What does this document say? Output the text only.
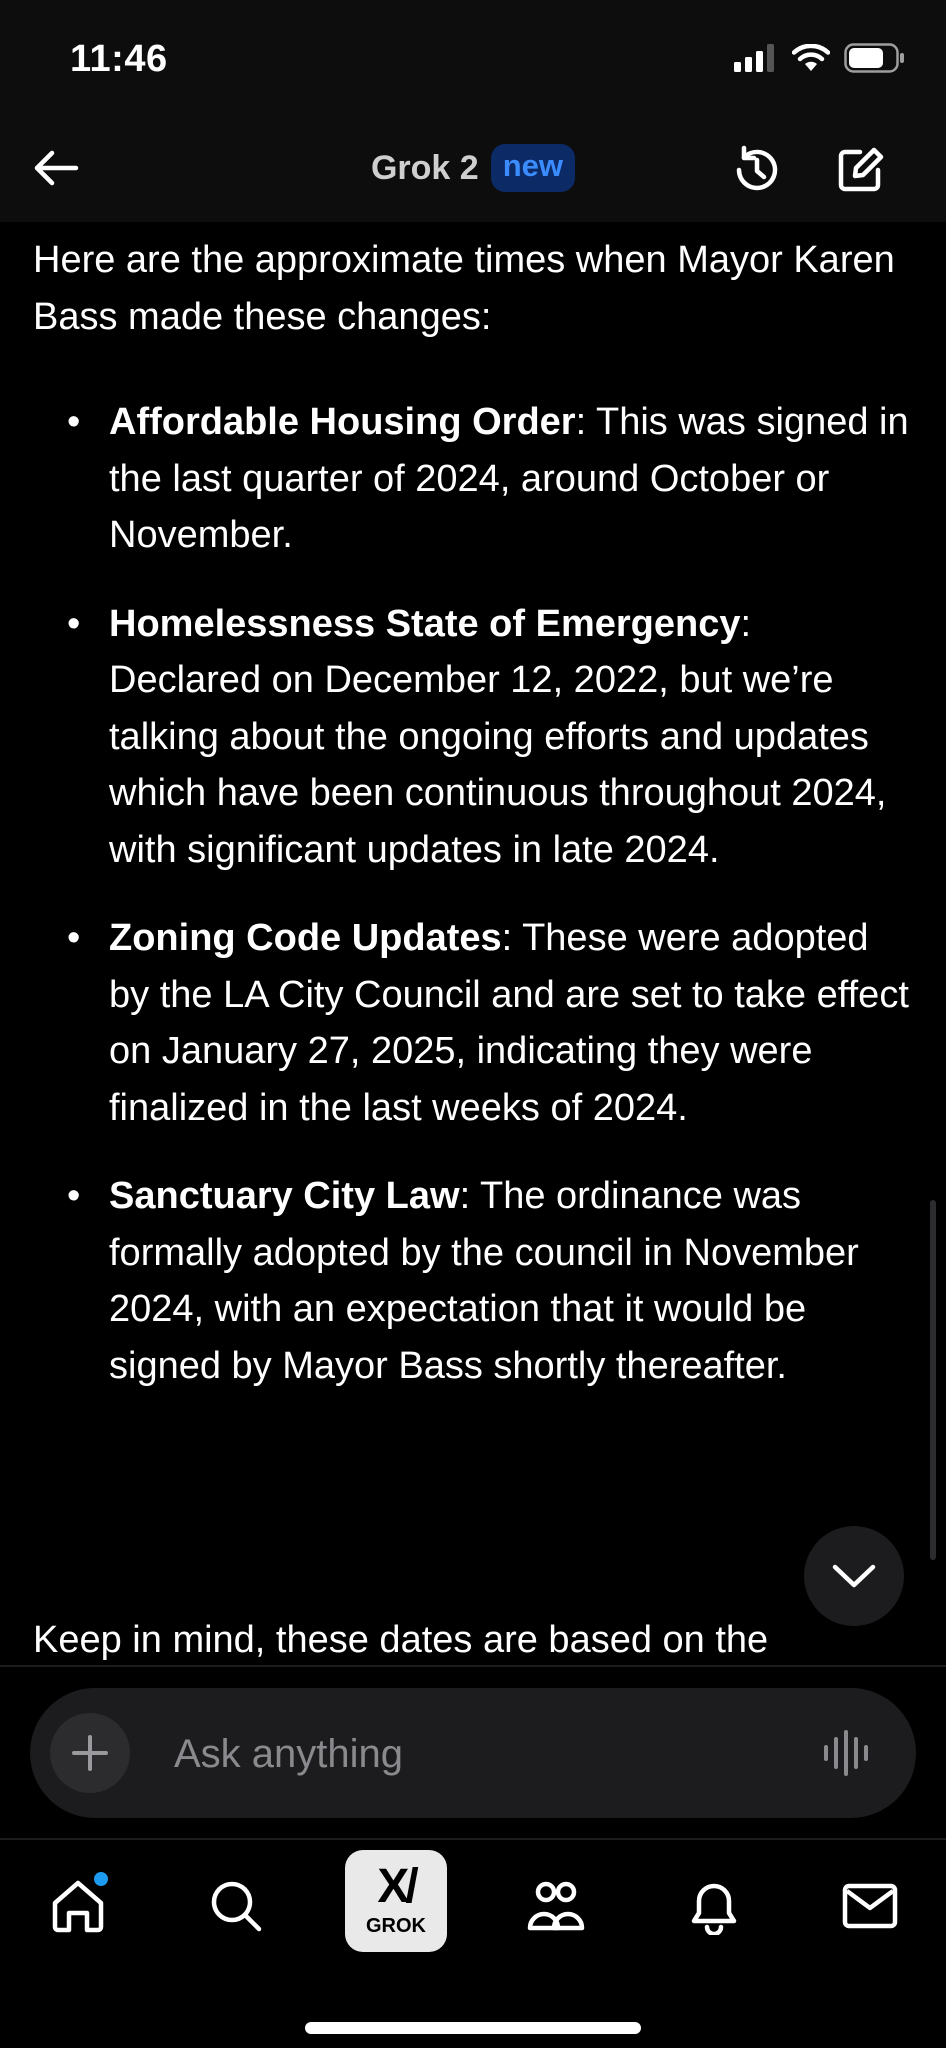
11:46
Grok 2 new

Here are the approximate times when Mayor Karen Bass made these changes:

• Affordable Housing Order: This was signed in the last quarter of 2024, around October or November.
• Homelessness State of Emergency: Declared on December 12, 2022, but we’re talking about the ongoing efforts and updates which have been continuous throughout 2024, with significant updates in late 2024.
• Zoning Code Updates: These were adopted by the LA City Council and are set to take effect on January 27, 2025, indicating they were finalized in the last weeks of 2024.
• Sanctuary City Law: The ordinance was formally adopted by the council in November 2024, with an expectation that it would be signed by Mayor Bass shortly thereafter.

Keep in mind, these dates are based on the

Ask anything
X/
GROK
